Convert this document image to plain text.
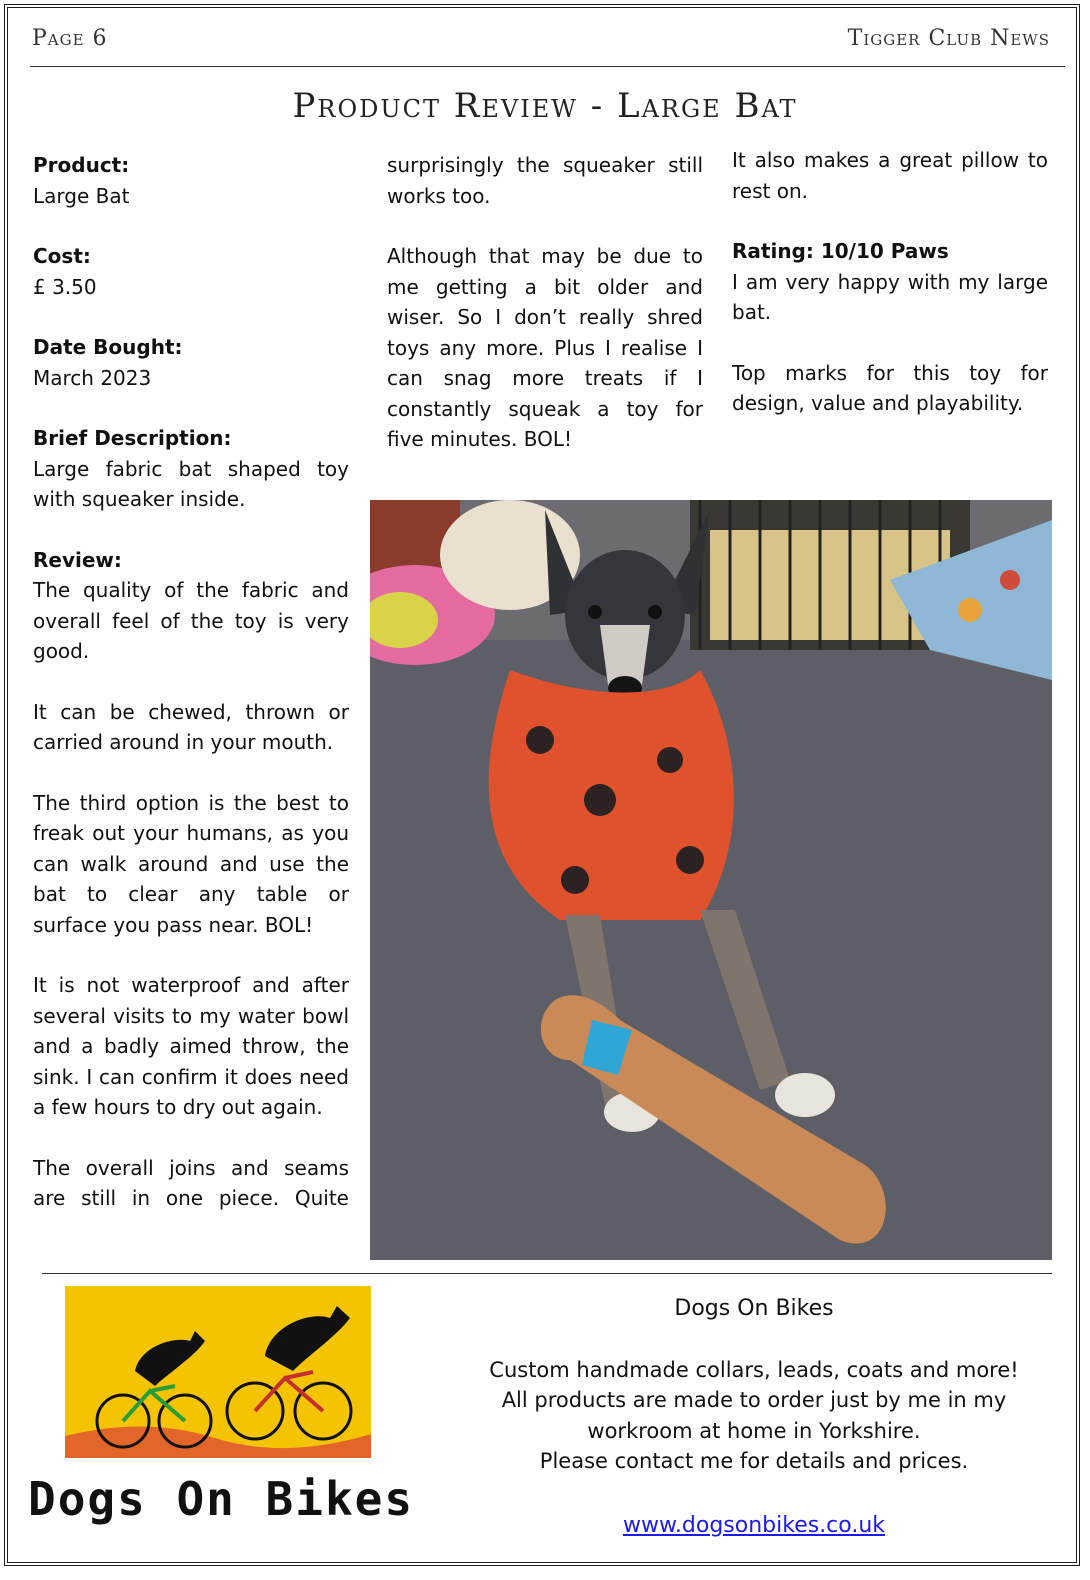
Page 6	Tigger Club News
Product Review - Large Bat

Product:
Large Bat

Cost:
£ 3.50

Date Bought:
March 2023

Brief Description:
Large fabric bat shaped toy with squeaker inside.

Review:

The quality of the fabric and overall feel of the toy is very good.

It can be chewed, thrown or carried around in your mouth.

The third option is the best to freak out your humans, as you can walk around and use the bat to clear any table or surface you pass near. BOL!

It is not waterproof and after several visits to my water bowl and a badly aimed throw, the sink. I can confirm it does need a few hours to dry out again.

The overall joins and seams are still in one piece. Quite

surprisingly the squeaker still works too.

Although that may be due to me getting a bit older and wiser. So I don’t really shred toys any more. Plus I realise I can snag more treats if I constantly squeak a toy for five minutes. BOL!

It also makes a great pillow to rest on.

Rating: 10/10 Paws
I am very happy with my large bat.

Top marks for this toy for design, value and playability.

Dogs On Bikes
Dogs On Bikes
Custom handmade collars, leads, coats and more!
All products are made to order just by me in my
workroom at home in Yorkshire.
Please contact me for details and prices.
www.dogsonbikes.co.uk
